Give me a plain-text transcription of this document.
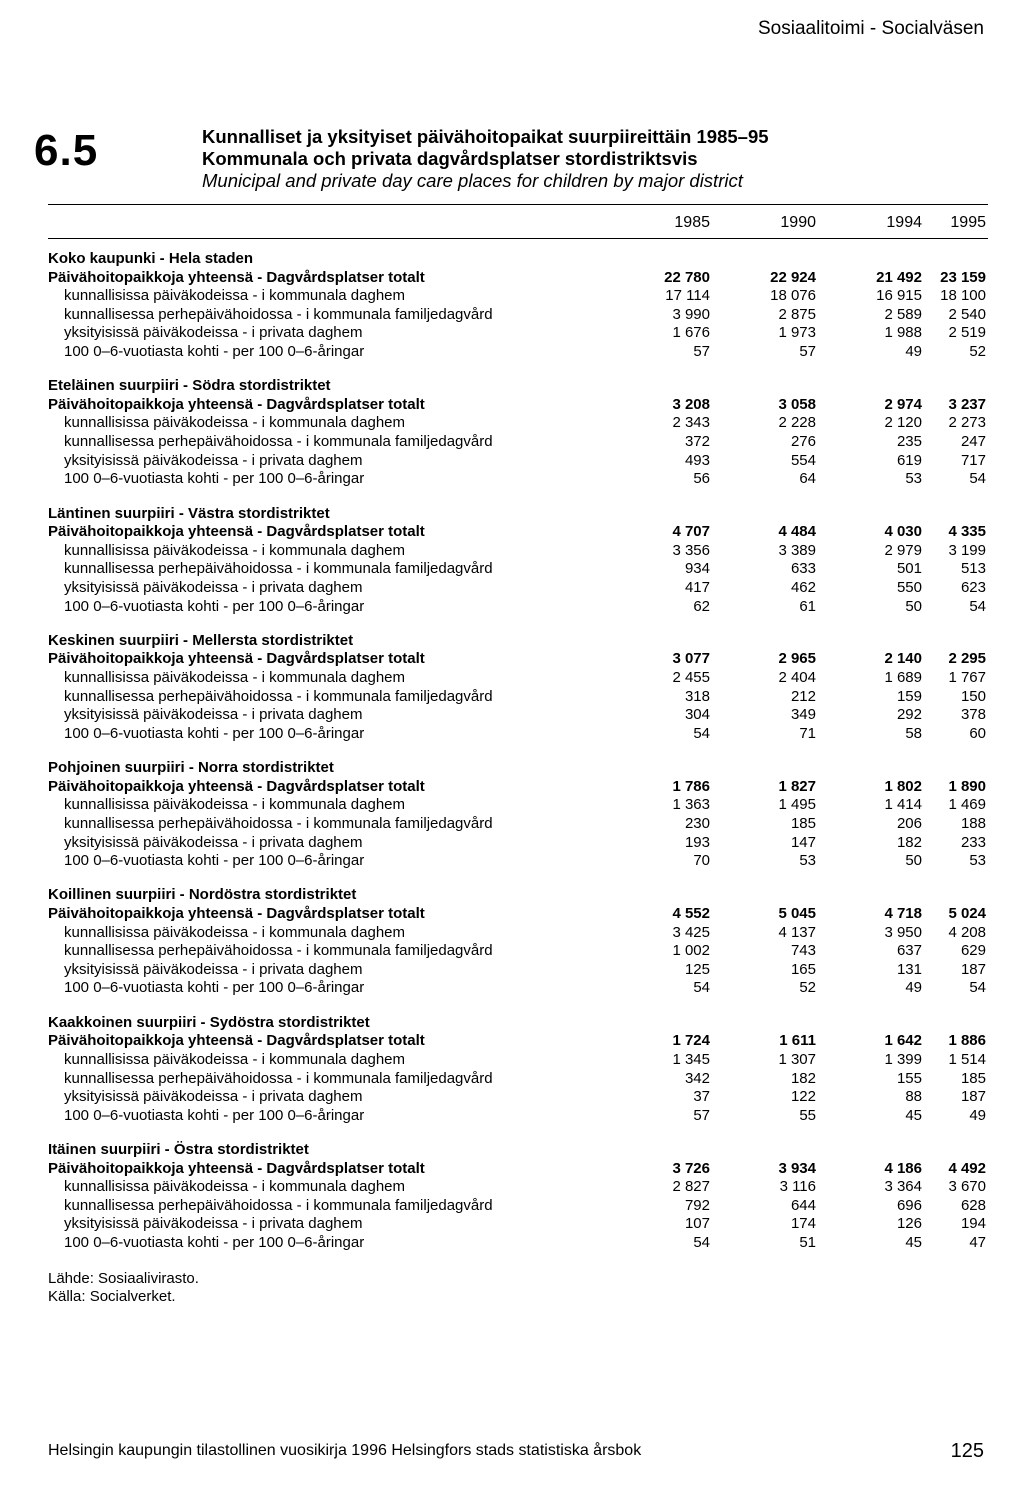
Sosiaalitoimi - Socialväsen
6.5	Kunnalliset ja yksityiset päivähoitopaikat suurpiireittäin 1985–95
Kommunala och privata dagvårdsplatser stordistriktsvis
Municipal and private day care places for children by major district
1985	1990	1994	1995
Koko kaupunki - Hela staden
Päivähoitopaikkoja yhteensä - Dagvårdsplatser totalt	22 780	22 924	21 492	23 159
kunnallisissa päiväkodeissa - i kommunala daghem	17 114	18 076	16 915	18 100
kunnallisessa perhepäivähoidossa - i kommunala familjedagvård	3 990	2 875	2 589	2 540
yksityisissä päiväkodeissa - i privata daghem	1 676	1 973	1 988	2 519
100 0–6-vuotiasta kohti - per 100 0–6-åringar	57	57	49	52
Eteläinen suurpiiri - Södra stordistriktet
Päivähoitopaikkoja yhteensä - Dagvårdsplatser totalt	3 208	3 058	2 974	3 237
kunnallisissa päiväkodeissa - i kommunala daghem	2 343	2 228	2 120	2 273
kunnallisessa perhepäivähoidossa - i kommunala familjedagvård	372	276	235	247
yksityisissä päiväkodeissa - i privata daghem	493	554	619	717
100 0–6-vuotiasta kohti - per 100 0–6-åringar	56	64	53	54
Läntinen suurpiiri - Västra stordistriktet
Päivähoitopaikkoja yhteensä - Dagvårdsplatser totalt	4 707	4 484	4 030	4 335
kunnallisissa päiväkodeissa - i kommunala daghem	3 356	3 389	2 979	3 199
kunnallisessa perhepäivähoidossa - i kommunala familjedagvård	934	633	501	513
yksityisissä päiväkodeissa - i privata daghem	417	462	550	623
100 0–6-vuotiasta kohti - per 100 0–6-åringar	62	61	50	54
Keskinen suurpiiri - Mellersta stordistriktet
Päivähoitopaikkoja yhteensä - Dagvårdsplatser totalt	3 077	2 965	2 140	2 295
kunnallisissa päiväkodeissa - i kommunala daghem	2 455	2 404	1 689	1 767
kunnallisessa perhepäivähoidossa - i kommunala familjedagvård	318	212	159	150
yksityisissä päiväkodeissa - i privata daghem	304	349	292	378
100 0–6-vuotiasta kohti - per 100 0–6-åringar	54	71	58	60
Pohjoinen suurpiiri - Norra stordistriktet
Päivähoitopaikkoja yhteensä - Dagvårdsplatser totalt	1 786	1 827	1 802	1 890
kunnallisissa päiväkodeissa - i kommunala daghem	1 363	1 495	1 414	1 469
kunnallisessa perhepäivähoidossa - i kommunala familjedagvård	230	185	206	188
yksityisissä päiväkodeissa - i privata daghem	193	147	182	233
100 0–6-vuotiasta kohti - per 100 0–6-åringar	70	53	50	53
Koillinen suurpiiri - Nordöstra stordistriktet
Päivähoitopaikkoja yhteensä - Dagvårdsplatser totalt	4 552	5 045	4 718	5 024
kunnallisissa päiväkodeissa - i kommunala daghem	3 425	4 137	3 950	4 208
kunnallisessa perhepäivähoidossa - i kommunala familjedagvård	1 002	743	637	629
yksityisissä päiväkodeissa - i privata daghem	125	165	131	187
100 0–6-vuotiasta kohti - per 100 0–6-åringar	54	52	49	54
Kaakkoinen suurpiiri - Sydöstra stordistriktet
Päivähoitopaikkoja yhteensä - Dagvårdsplatser totalt	1 724	1 611	1 642	1 886
kunnallisissa päiväkodeissa - i kommunala daghem	1 345	1 307	1 399	1 514
kunnallisessa perhepäivähoidossa - i kommunala familjedagvård	342	182	155	185
yksityisissä päiväkodeissa - i privata daghem	37	122	88	187
100 0–6-vuotiasta kohti - per 100 0–6-åringar	57	55	45	49
Itäinen suurpiiri - Östra stordistriktet
Päivähoitopaikkoja yhteensä - Dagvårdsplatser totalt	3 726	3 934	4 186	4 492
kunnallisissa päiväkodeissa - i kommunala daghem	2 827	3 116	3 364	3 670
kunnallisessa perhepäivähoidossa - i kommunala familjedagvård	792	644	696	628
yksityisissä päiväkodeissa - i privata daghem	107	174	126	194
100 0–6-vuotiasta kohti - per 100 0–6-åringar	54	51	45	47
Lähde: Sosiaalivirasto.
Källa: Socialverket.
Helsingin kaupungin tilastollinen vuosikirja 1996 Helsingfors stads statistiska årsbok	125
